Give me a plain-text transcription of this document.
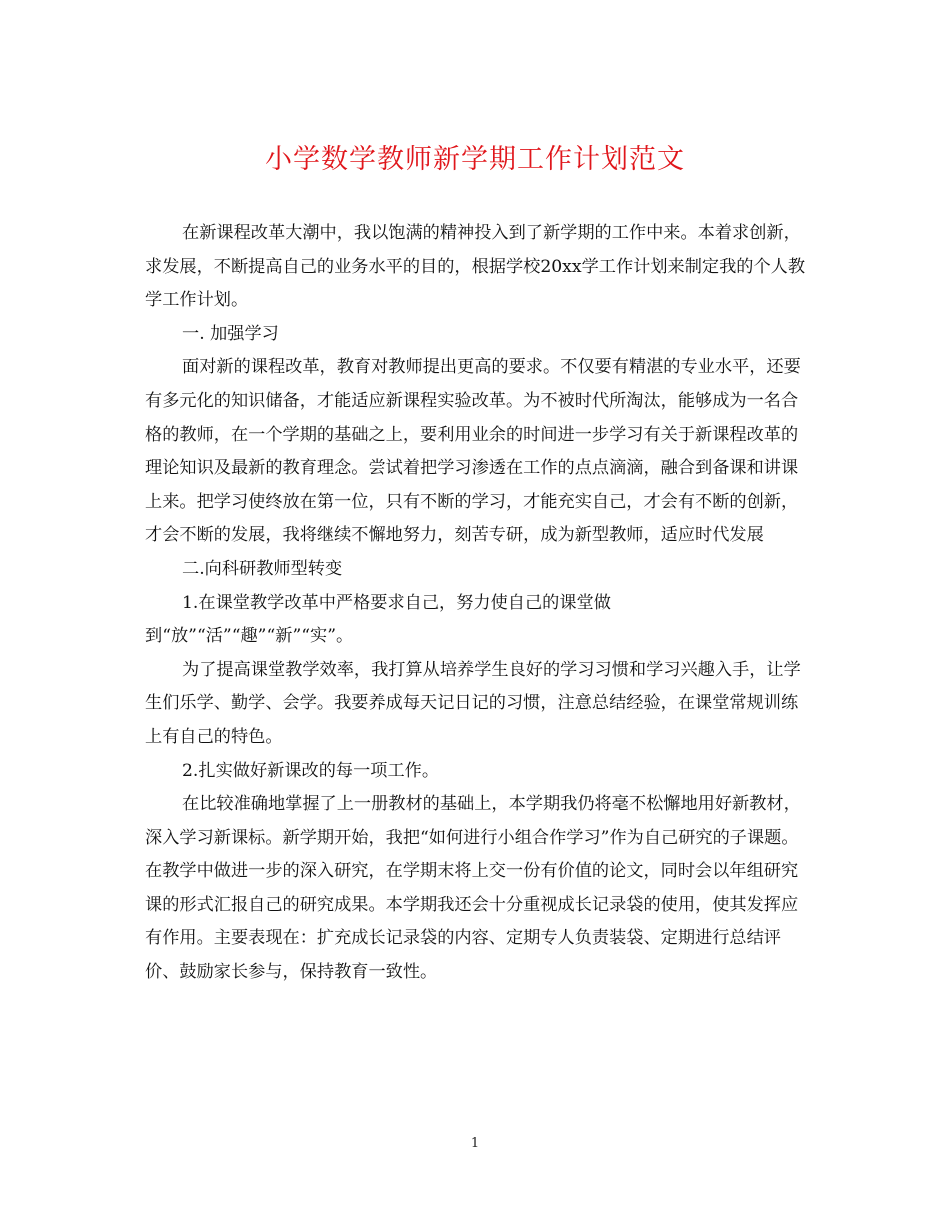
小学数学教师新学期工作计划范文

在新课程改革大潮中，我以饱满的精神投入到了新学期的工作中来。本着求创新，求发展，不断提高自己的业务水平的目的，根据学校20xx学工作计划来制定我的个人教学工作计划。

一. 加强学习

面对新的课程改革，教育对教师提出更高的要求。不仅要有精湛的专业水平，还要有多元化的知识储备，才能适应新课程实验改革。为不被时代所淘汰，能够成为一名合格的教师，在一个学期的基础之上，要利用业余的时间进一步学习有关于新课程改革的理论知识及最新的教育理念。尝试着把学习渗透在工作的点点滴滴，融合到备课和讲课上来。把学习使终放在第一位，只有不断的学习，才能充实自己，才会有不断的创新，才会不断的发展，我将继续不懈地努力，刻苦专研，成为新型教师，适应时代发展

二.向科研教师型转变

1.在课堂教学改革中严格要求自己，努力使自己的课堂做到“放”“活”“趣”“新”“实”。

为了提高课堂教学效率，我打算从培养学生良好的学习习惯和学习兴趣入手，让学生们乐学、勤学、会学。我要养成每天记日记的习惯，注意总结经验，在课堂常规训练上有自己的特色。

2.扎实做好新课改的每一项工作。

在比较准确地掌握了上一册教材的基础上，本学期我仍将毫不松懈地用好新教材，深入学习新课标。新学期开始，我把“如何进行小组合作学习”作为自己研究的子课题。在教学中做进一步的深入研究，在学期末将上交一份有价值的论文，同时会以年组研究课的形式汇报自己的研究成果。本学期我还会十分重视成长记录袋的使用，使其发挥应有作用。主要表现在：扩充成长记录袋的内容、定期专人负责装袋、定期进行总结评价、鼓励家长参与，保持教育一致性。

1
